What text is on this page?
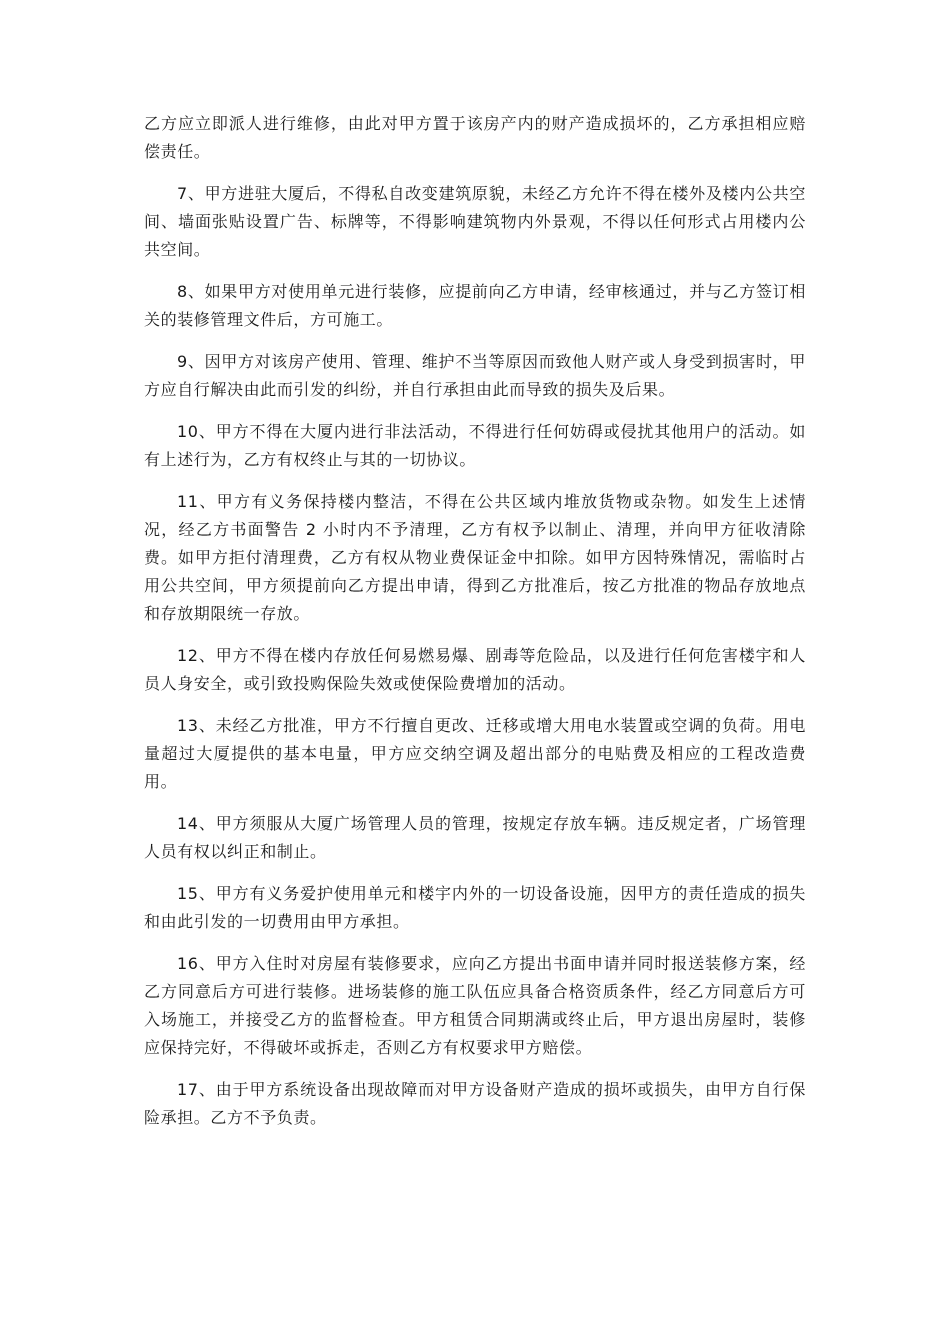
乙方应立即派人进行维修，由此对甲方置于该房产内的财产造成损坏的，乙方承担相应赔偿责任。

7、甲方进驻大厦后，不得私自改变建筑原貌，未经乙方允许不得在楼外及楼内公共空间、墙面张贴设置广告、标牌等，不得影响建筑物内外景观，不得以任何形式占用楼内公共空间。

8、如果甲方对使用单元进行装修，应提前向乙方申请，经审核通过，并与乙方签订相关的装修管理文件后，方可施工。

9、因甲方对该房产使用、管理、维护不当等原因而致他人财产或人身受到损害时，甲方应自行解决由此而引发的纠纷，并自行承担由此而导致的损失及后果。

10、甲方不得在大厦内进行非法活动，不得进行任何妨碍或侵扰其他用户的活动。如有上述行为，乙方有权终止与其的一切协议。

11、甲方有义务保持楼内整洁，不得在公共区域内堆放货物或杂物。如发生上述情况，经乙方书面警告 2 小时内不予清理，乙方有权予以制止、清理，并向甲方征收清除费。如甲方拒付清理费，乙方有权从物业费保证金中扣除。如甲方因特殊情况，需临时占用公共空间，甲方须提前向乙方提出申请，得到乙方批准后，按乙方批准的物品存放地点和存放期限统一存放。

12、甲方不得在楼内存放任何易燃易爆、剧毒等危险品，以及进行任何危害楼宇和人员人身安全，或引致投购保险失效或使保险费增加的活动。

13、未经乙方批准，甲方不行擅自更改、迁移或增大用电水装置或空调的负荷。用电量超过大厦提供的基本电量，甲方应交纳空调及超出部分的电贴费及相应的工程改造费用。

14、甲方须服从大厦广场管理人员的管理，按规定存放车辆。违反规定者，广场管理人员有权以纠正和制止。

15、甲方有义务爱护使用单元和楼宇内外的一切设备设施，因甲方的责任造成的损失和由此引发的一切费用由甲方承担。

16、甲方入住时对房屋有装修要求，应向乙方提出书面申请并同时报送装修方案，经乙方同意后方可进行装修。进场装修的施工队伍应具备合格资质条件，经乙方同意后方可入场施工，并接受乙方的监督检查。甲方租赁合同期满或终止后，甲方退出房屋时，装修应保持完好，不得破坏或拆走，否则乙方有权要求甲方赔偿。

17、由于甲方系统设备出现故障而对甲方设备财产造成的损坏或损失，由甲方自行保险承担。乙方不予负责。
